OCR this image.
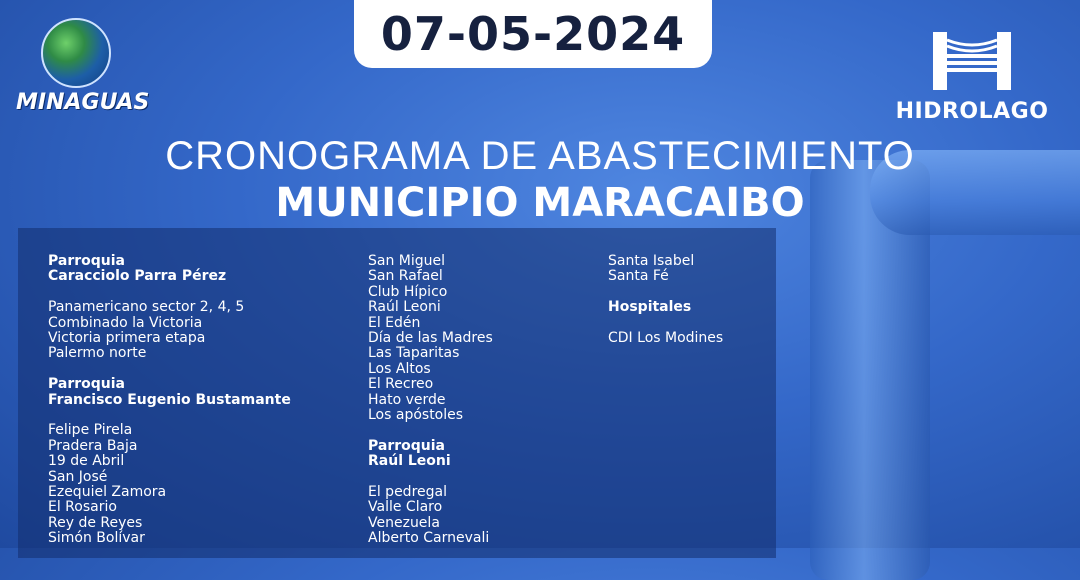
07-05-2024
MINAGUAS	HIDROLAGO
CRONOGRAMA DE ABASTECIMIENTO
MUNICIPIO MARACAIBO
Parroquia
Caracciolo Parra Pérez
Panamericano sector 2, 4, 5
Combinado la Victoria
Victoria primera etapa
Palermo norte
Parroquia
Francisco Eugenio Bustamante
Felipe Pirela
Pradera Baja
19 de Abril
San José
Ezequiel Zamora
El Rosario
Rey de Reyes
Simón Bolívar
San Miguel
San Rafael
Club Hípico
Raúl Leoni
El Edén
Día de las Madres
Las Taparitas
Los Altos
El Recreo
Hato verde
Los apóstoles
Parroquia
Raúl Leoni
El pedregal
Valle Claro
Venezuela
Alberto Carnevali
Santa Isabel
Santa Fé
Hospitales
CDI Los Modines
